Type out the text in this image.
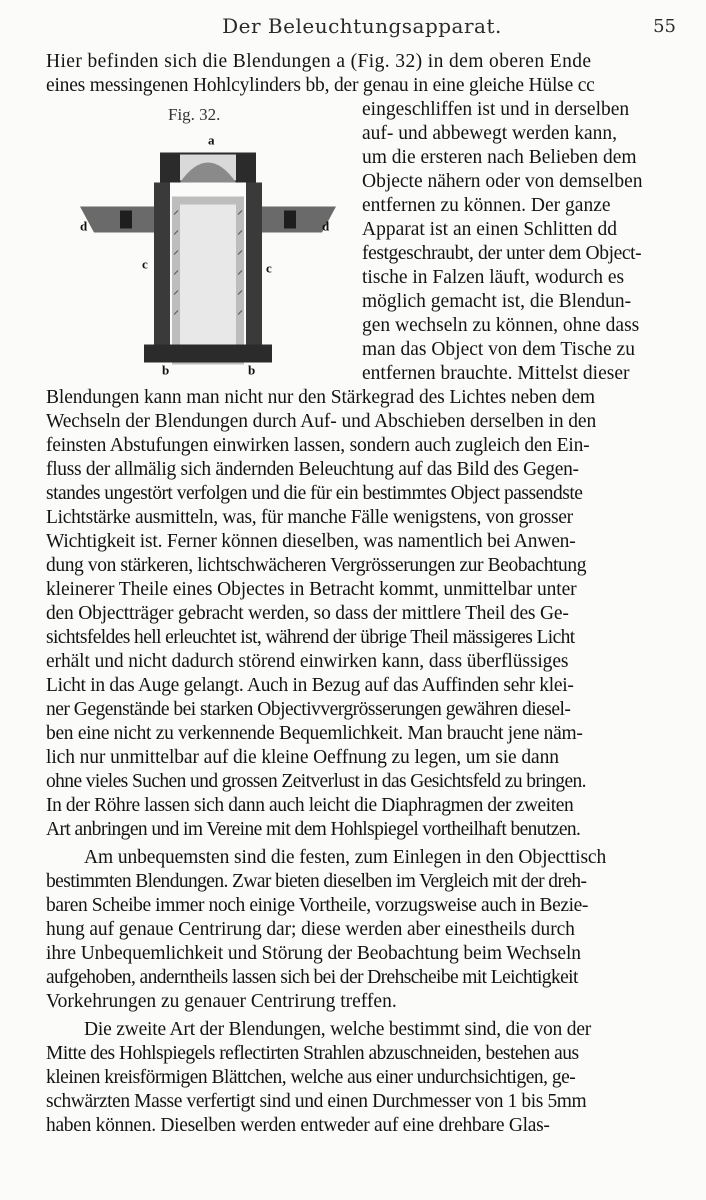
Der Beleuchtungsapparat.	55
Fig. 32.
a
d	d
c	c
b	b
Hier befinden sich die Blendungen a (Fig. 32) in dem oberen Ende
eines messingenen Hohlcylinders bb, der genau in eine gleiche Hülse cc
eingeschliffen ist und in derselben
auf- und abbewegt werden kann,
um die ersteren nach Belieben dem
Objecte nähern oder von demselben
entfernen zu können. Der ganze
Apparat ist an einen Schlitten dd
festgeschraubt, der unter dem Object-
tische in Falzen läuft, wodurch es
möglich gemacht ist, die Blendun-
gen wechseln zu können, ohne dass
man das Object von dem Tische zu
entfernen brauchte. Mittelst dieser
Blendungen kann man nicht nur den Stärkegrad des Lichtes neben dem
Wechseln der Blendungen durch Auf- und Abschieben derselben in den
feinsten Abstufungen einwirken lassen, sondern auch zugleich den Ein-
fluss der allmälig sich ändernden Beleuchtung auf das Bild des Gegen-
standes ungestört verfolgen und die für ein bestimmtes Object passendste
Lichtstärke ausmitteln, was, für manche Fälle wenigstens, von grosser
Wichtigkeit ist. Ferner können dieselben, was namentlich bei Anwen-
dung von stärkeren, lichtschwächeren Vergrösserungen zur Beobachtung
kleinerer Theile eines Objectes in Betracht kommt, unmittelbar unter
den Objectträger gebracht werden, so dass der mittlere Theil des Ge-
sichtsfeldes hell erleuchtet ist, während der übrige Theil mässigeres Licht
erhält und nicht dadurch störend einwirken kann, dass überflüssiges
Licht in das Auge gelangt. Auch in Bezug auf das Auffinden sehr klei-
ner Gegenstände bei starken Objectivvergrösserungen gewähren diesel-
ben eine nicht zu verkennende Bequemlichkeit. Man braucht jene näm-
lich nur unmittelbar auf die kleine Oeffnung zu legen, um sie dann
ohne vieles Suchen und grossen Zeitverlust in das Gesichtsfeld zu bringen.
In der Röhre lassen sich dann auch leicht die Diaphragmen der zweiten
Art anbringen und im Vereine mit dem Hohlspiegel vortheilhaft benutzen.
Am unbequemsten sind die festen, zum Einlegen in den Objecttisch
bestimmten Blendungen. Zwar bieten dieselben im Vergleich mit der dreh-
baren Scheibe immer noch einige Vortheile, vorzugsweise auch in Bezie-
hung auf genaue Centrirung dar; diese werden aber einestheils durch
ihre Unbequemlichkeit und Störung der Beobachtung beim Wechseln
aufgehoben, anderntheils lassen sich bei der Drehscheibe mit Leichtigkeit
Vorkehrungen zu genauer Centrirung treffen.
Die zweite Art der Blendungen, welche bestimmt sind, die von der
Mitte des Hohlspiegels reflectirten Strahlen abzuschneiden, bestehen aus
kleinen kreisförmigen Blättchen, welche aus einer undurchsichtigen, ge-
schwärzten Masse verfertigt sind und einen Durchmesser von 1 bis 5mm
haben können. Dieselben werden entweder auf eine drehbare Glas-
